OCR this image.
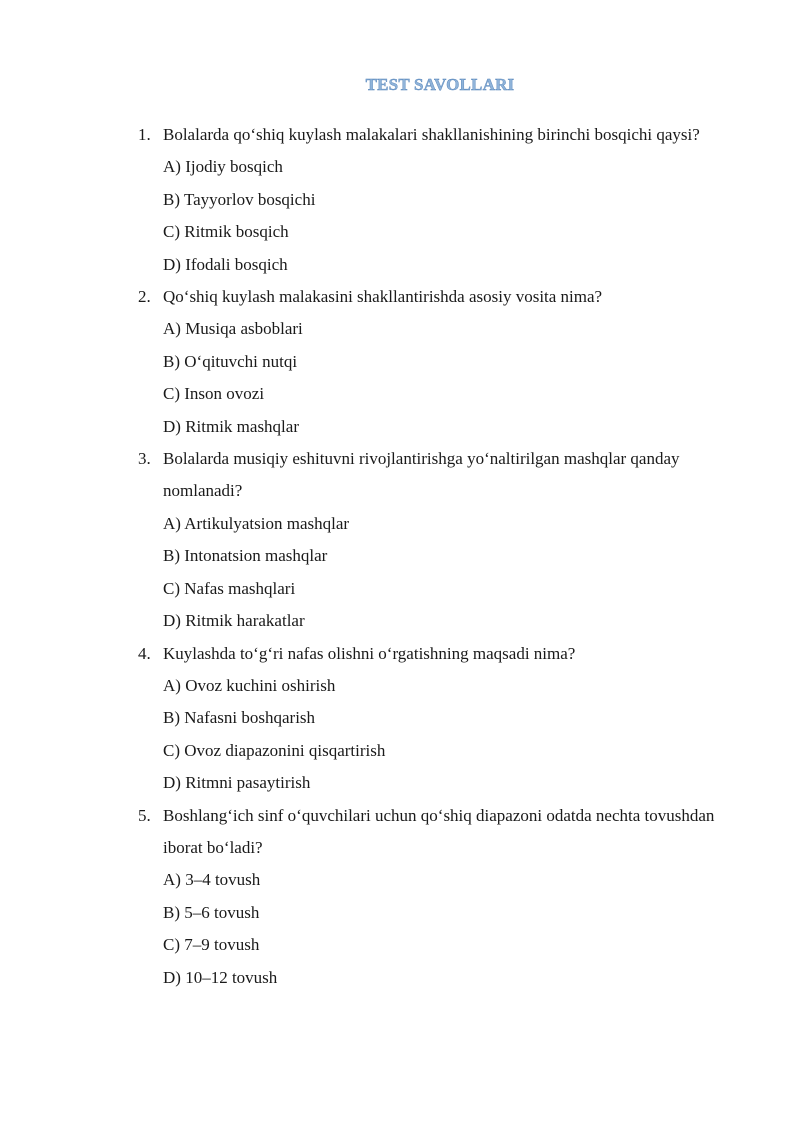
TEST SAVOLLARI
1. Bolalarda qo‘shiq kuylash malakalari shakllanishining birinchi bosqichi qaysi?
A) Ijodiy bosqich
B) Tayyorlov bosqichi
C) Ritmik bosqich
D) Ifodali bosqich
2. Qo‘shiq kuylash malakasini shakllantirishda asosiy vosita nima?
A) Musiqa asboblari
B) O‘qituvchi nutqi
C) Inson ovozi
D) Ritmik mashqlar
3. Bolalarda musiqiy eshituvni rivojlantirishga yo‘naltirilgan mashqlar qanday nomlanadi?
A) Artikulyatsion mashqlar
B) Intonatsion mashqlar
C) Nafas mashqlari
D) Ritmik harakatlar
4. Kuylashda to‘g‘ri nafas olishni o‘rgatishning maqsadi nima?
A) Ovoz kuchini oshirish
B) Nafasni boshqarish
C) Ovoz diapazonini qisqartirish
D) Ritmni pasaytirish
5. Boshlang‘ich sinf o‘quvchilari uchun qo‘shiq diapazoni odatda nechta tovushdan iborat bo‘ladi?
A) 3–4 tovush
B) 5–6 tovush
C) 7–9 tovush
D) 10–12 tovush
